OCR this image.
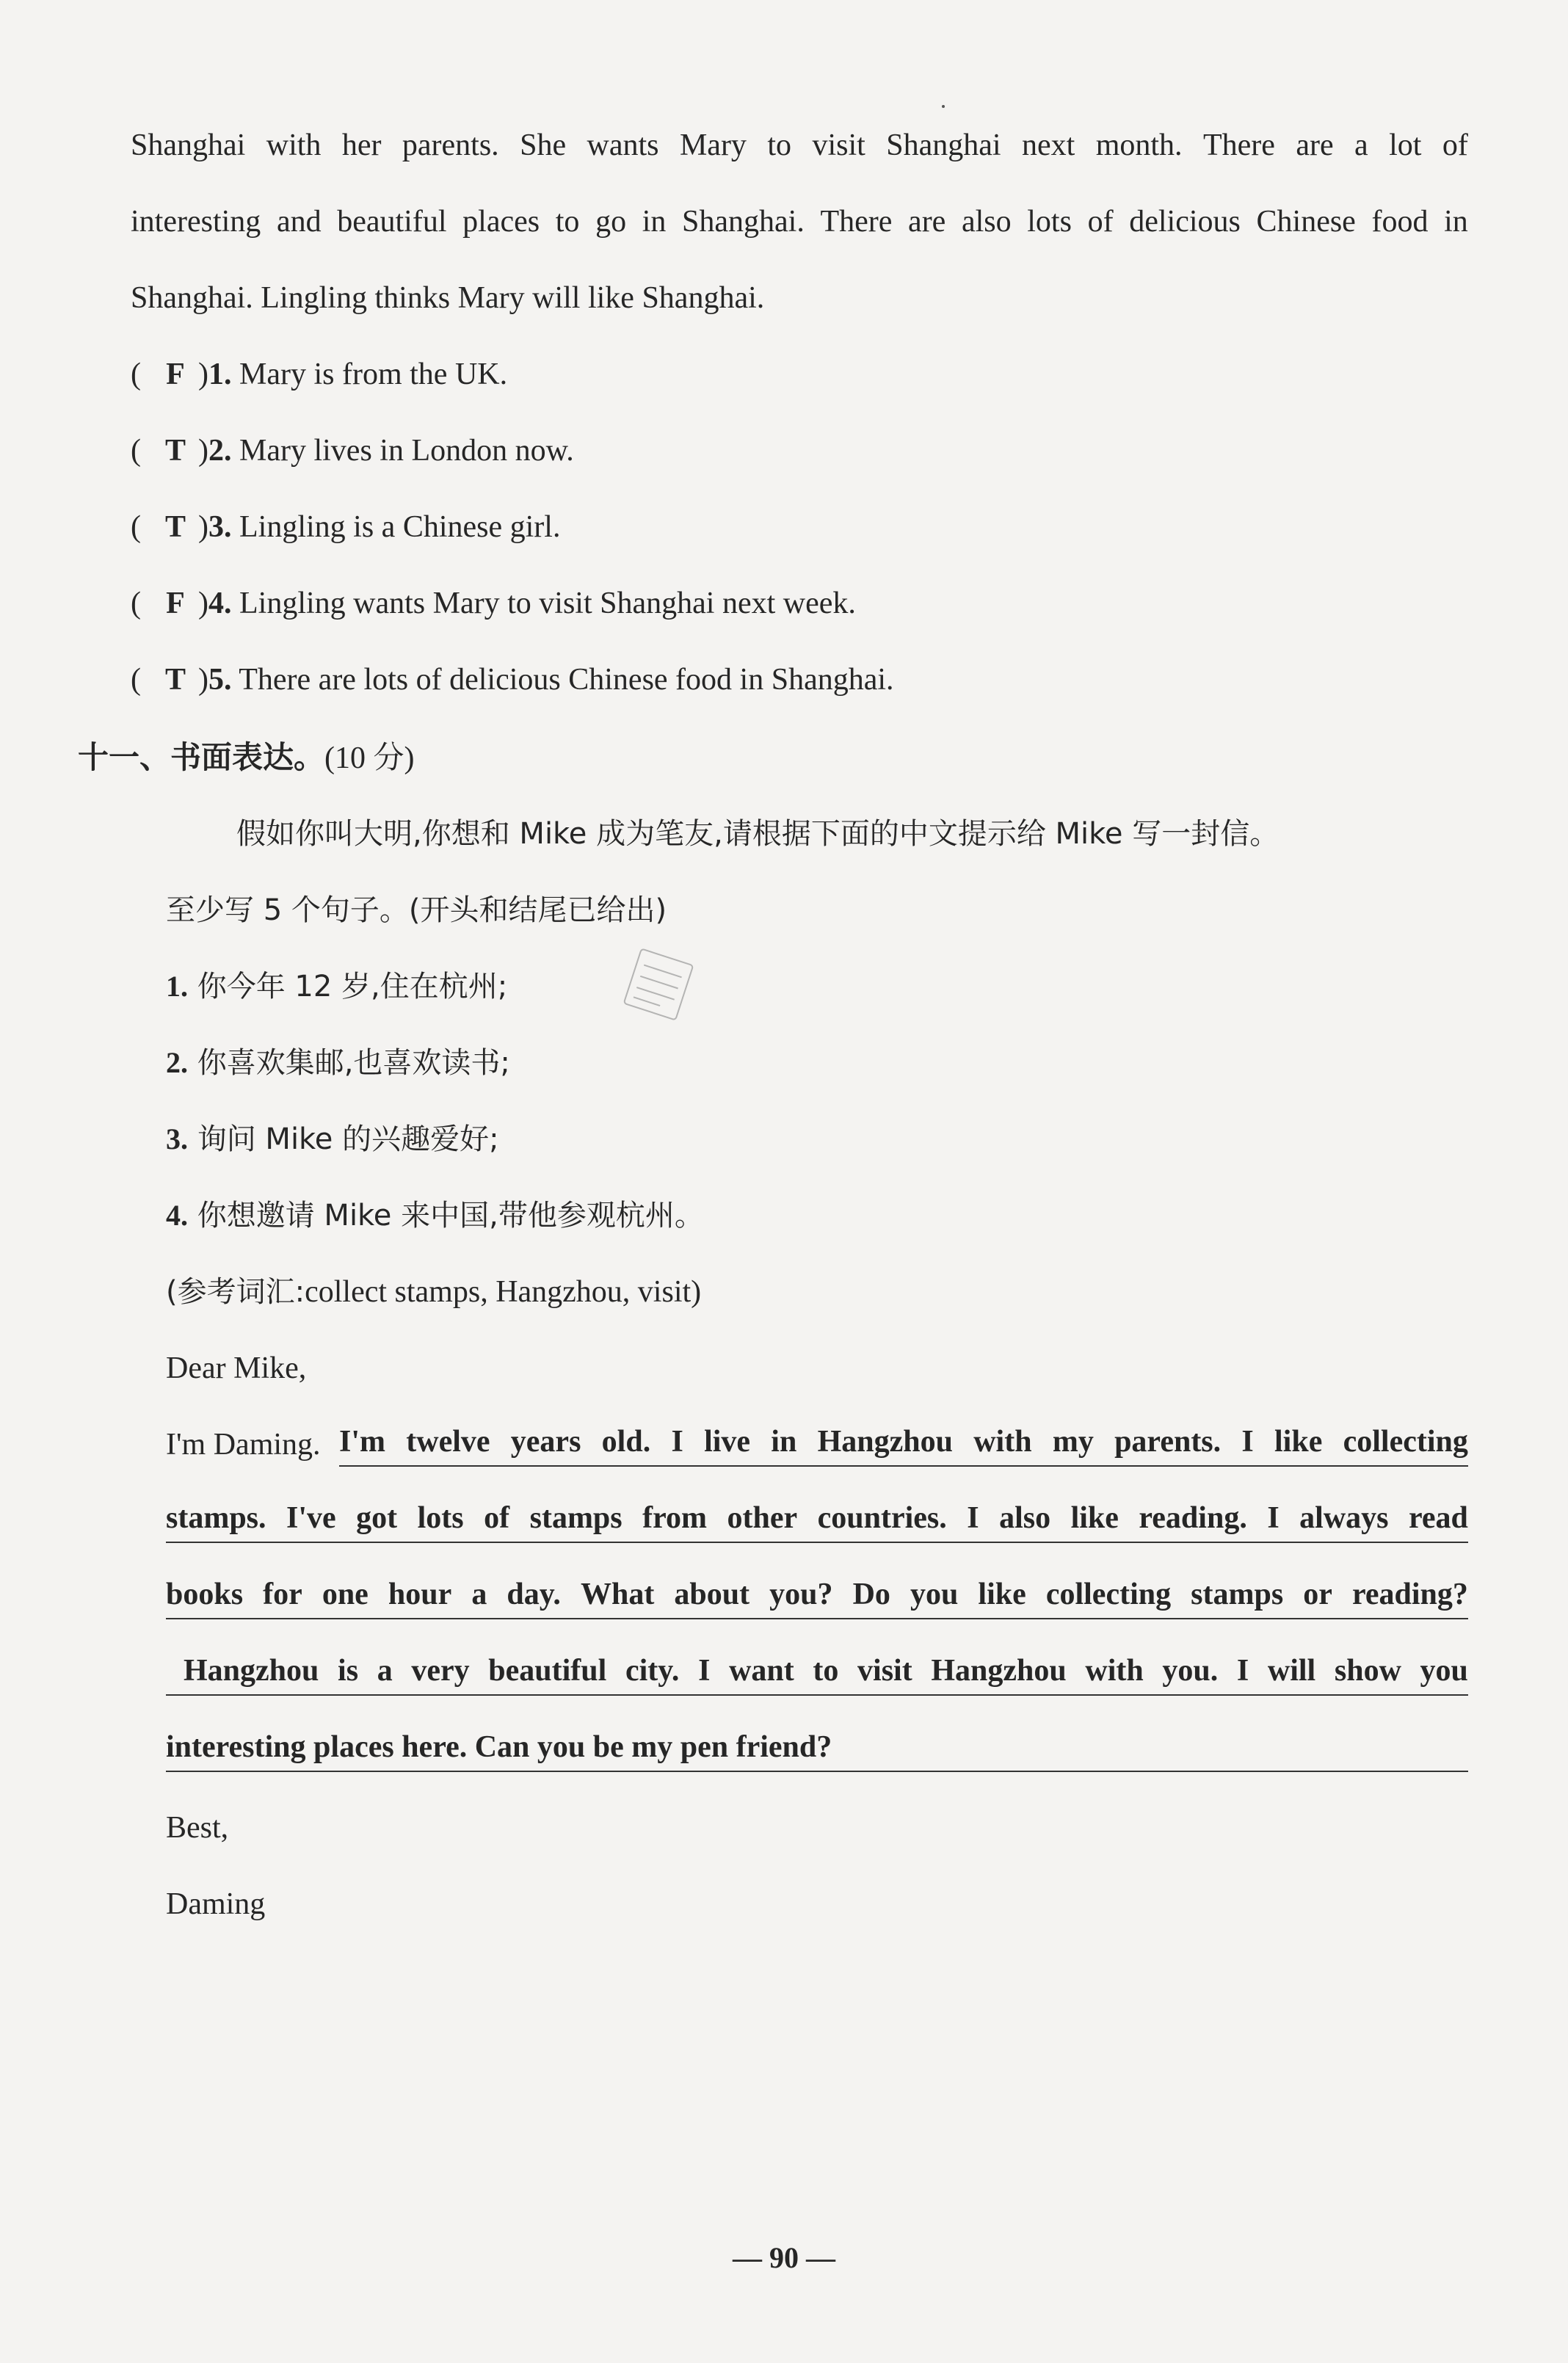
Shanghai with her parents. She wants Mary to visit Shanghai next month. There are a lot of
interesting and beautiful places to go in Shanghai. There are also lots of delicious Chinese food in
Shanghai. Lingling thinks Mary will like Shanghai.
( F )1. Mary is from the UK.
( T )2. Mary lives in London now.
( T )3. Lingling is a Chinese girl.
( F )4. Lingling wants Mary to visit Shanghai next week.
( T )5. There are lots of delicious Chinese food in Shanghai.
十一、书面表达。(10 分)
假如你叫大明,你想和 Mike 成为笔友,请根据下面的中文提示给 Mike 写一封信。
至少写 5 个句子。(开头和结尾已给出)
1. 你今年 12 岁,住在杭州;
2. 你喜欢集邮,也喜欢读书;
3. 询问 Mike 的兴趣爱好;
4. 你想邀请 Mike 来中国,带他参观杭州。
(参考词汇:collect stamps, Hangzhou, visit)
Dear Mike,
I'm Daming. I'm twelve years old. I live in Hangzhou with my parents. I like collecting
stamps. I've got lots of stamps from other countries. I also like reading. I always read
books for one hour a day. What about you? Do you like collecting stamps or reading?
Hangzhou is a very beautiful city. I want to visit Hangzhou with you. I will show you
interesting places here. Can you be my pen friend?
Best,
Daming
— 90 —
